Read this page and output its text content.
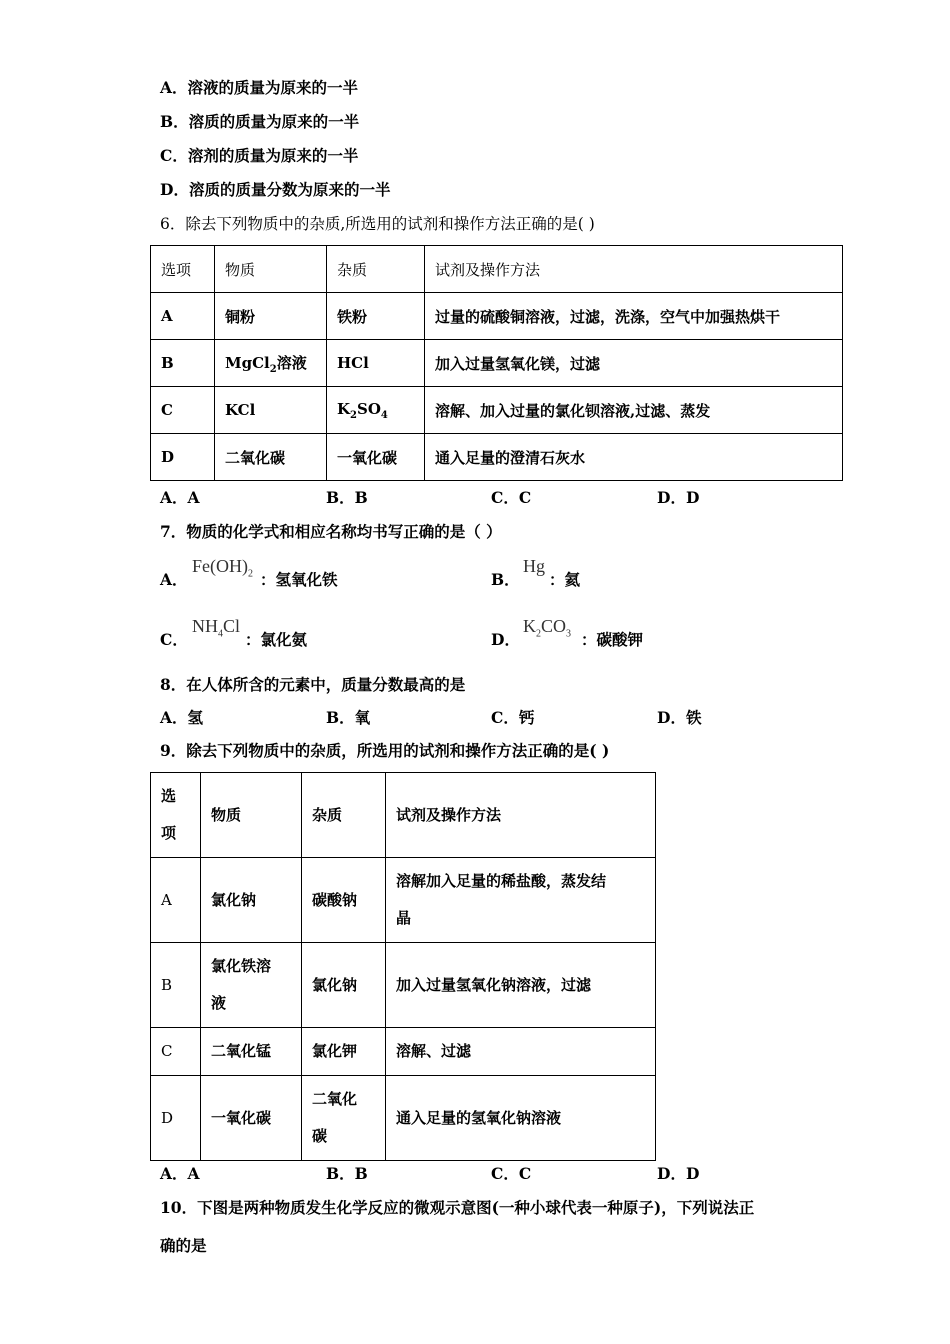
A．溶液的质量为原来的一半
B．溶质的质量为原来的一半
C．溶剂的质量为原来的一半
D．溶质的质量分数为原来的一半
6．除去下列物质中的杂质,所选用的试剂和操作方法正确的是( )
选项	物质	杂质	试剂及操作方法
A	铜粉	铁粉	过量的硫酸铜溶液，过滤，洗涤，空气中加强热烘干
B	MgCl$_2$溶液	HCl	加入过量氢氧化镁，过滤
C	KCl	$K_2SO_4$	溶解、加入过量的氯化钡溶液,过滤、蒸发
D	二氧化碳	一氧化碳	通入足量的澄清石灰水
A．A	B．B	C．C	D．D
7．物质的化学式和相应名称均书写正确的是（ ）
A．
$Fe(OH)_2$ ：氢氧化铁	B．
Hg
：氦
C．
$NH_4Cl$
：氯化氨	D．
$K_2CO_3$ ：碳酸钾
8．在人体所含的元素中，质量分数最高的是
A．氢	B．氧	C．钙	D．铁
9．除去下列物质中的杂质，所选用的试剂和操作方法正确的是( )
选
项	物质	杂质	试剂及操作方法
A	氯化钠	碳酸钠	溶解加入足量的稀盐酸，蒸发结
晶
B	氯化铁溶
液	氯化钠	加入过量氢氧化钠溶液，过滤
C	二氧化锰	氯化钾	溶解、过滤
D	一氧化碳	二氧化
碳	通入足量的氢氧化钠溶液
A．A	B．B	C．C	D．D
10．下图是两种物质发生化学反应的微观示意图(一种小球代表一种原子)，下列说法正
确的是
